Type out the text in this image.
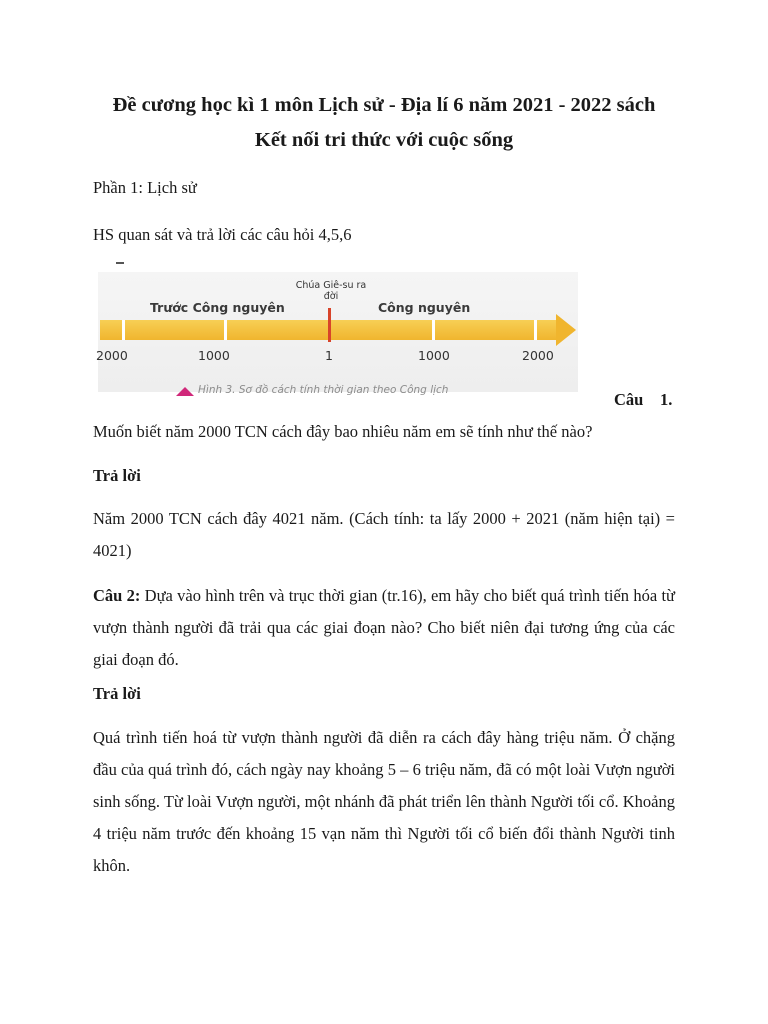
Đề cương học kì 1 môn Lịch sử - Địa lí 6 năm 2021 - 2022 sách
Kết nối tri thức với cuộc sống

Phần 1: Lịch sử

HS quan sát và trả lời các câu hỏi 4,5,6

Trước Công nguyên	Công nguyên
Chúa Giê-su ra đời
2000	1000	1	1000	2000
Hình 3. Sơ đồ cách tính thời gian theo Công lịch	Câu 1.

Muốn biết năm 2000 TCN cách đây bao nhiêu năm em sẽ tính như thế nào?

Trả lời

Năm 2000 TCN cách đây 4021 năm. (Cách tính: ta lấy 2000 + 2021 (năm hiện tại) = 4021)

Câu 2: Dựa vào hình trên và trục thời gian (tr.16), em hãy cho biết quá trình tiến hóa từ vượn thành người đã trải qua các giai đoạn nào? Cho biết niên đại tương ứng của các giai đoạn đó.

Trả lời

Quá trình tiến hoá từ vượn thành người đã diễn ra cách đây hàng triệu năm. Ở chặng đầu của quá trình đó, cách ngày nay khoảng 5 – 6 triệu năm, đã có một loài Vượn người sinh sống. Từ loài Vượn người, một nhánh đã phát triển lên thành Người tối cổ. Khoảng 4 triệu năm trước đến khoảng 15 vạn năm thì Người tối cổ biến đổi thành Người tinh khôn.
